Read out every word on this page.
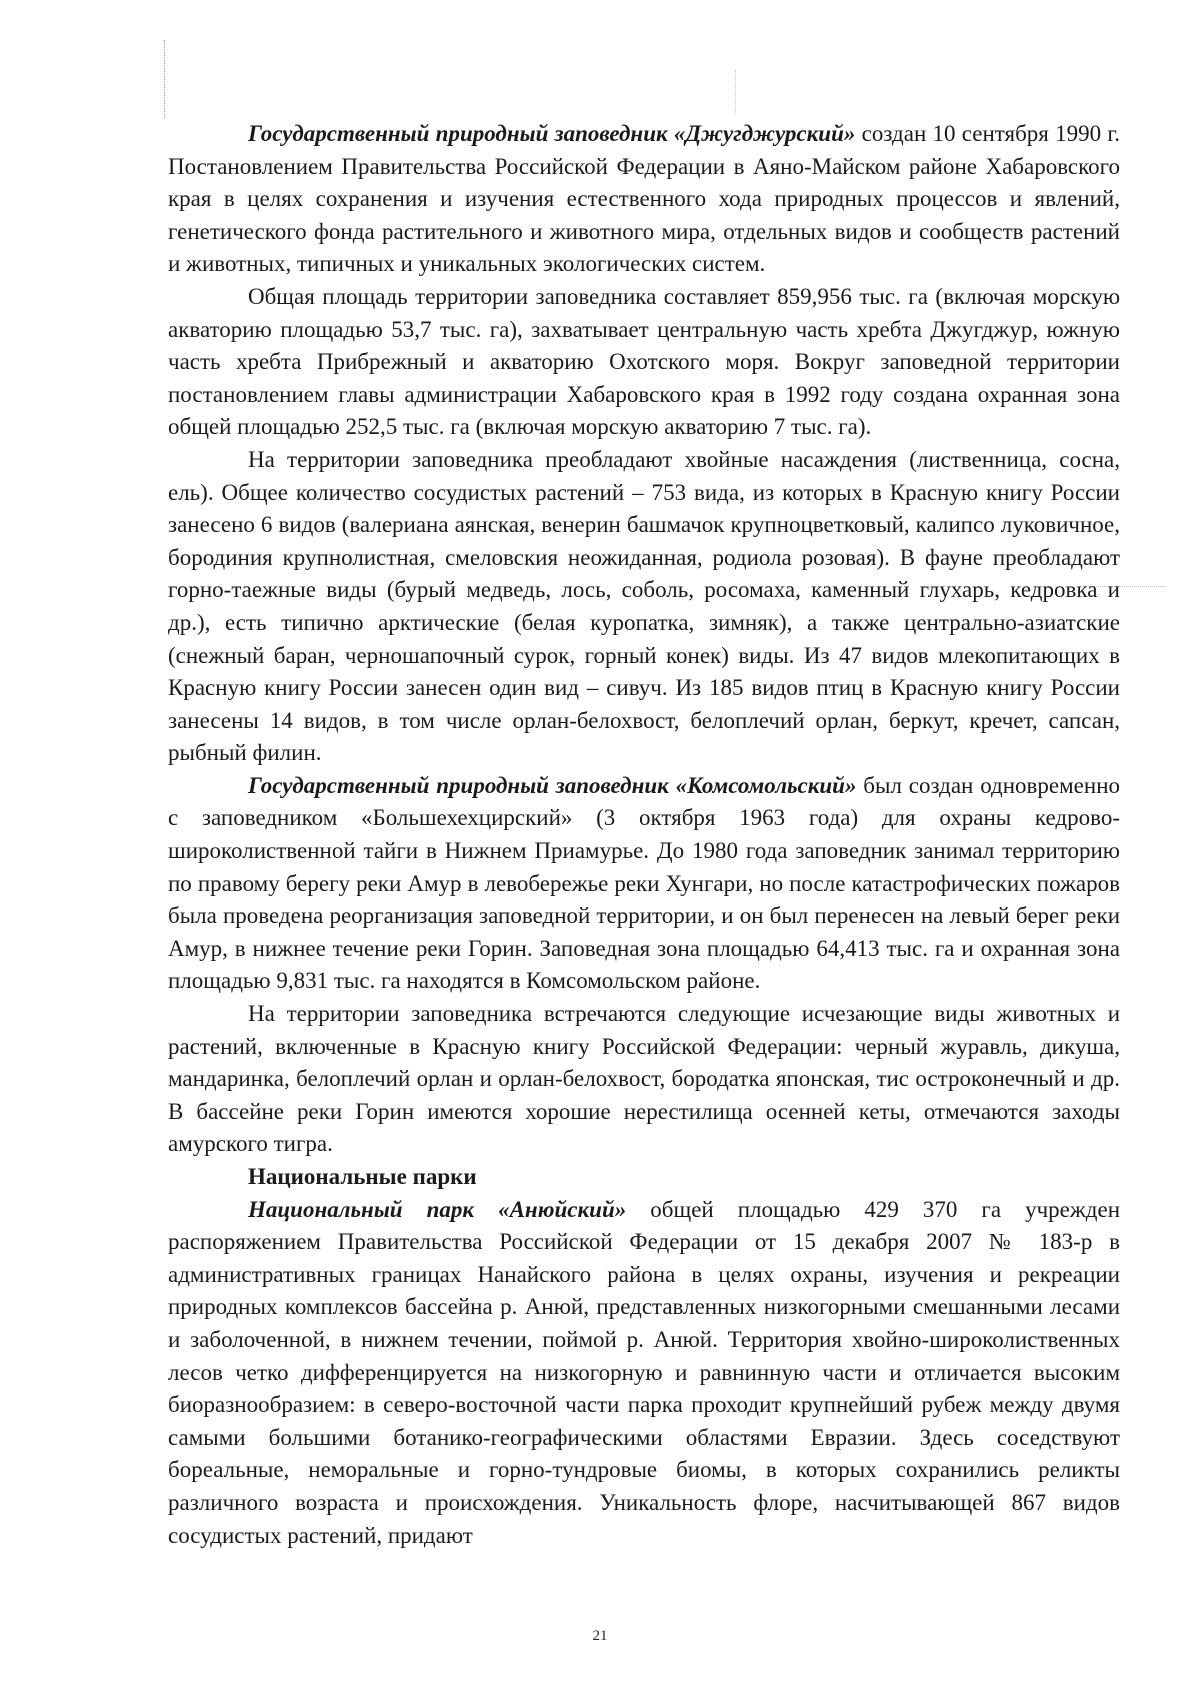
Государственный природный заповедник «Джугджурский» создан 10 сентября 1990 г. Постановлением Правительства Российской Федерации в Аяно-Майском районе Хабаровского края в целях сохранения и изучения естественного хода природных процессов и явлений, генетического фонда растительного и животного мира, отдельных видов и сообществ растений и животных, типичных и уникальных экологических систем.

Общая площадь территории заповедника составляет 859,956 тыс. га (включая морскую акваторию площадью 53,7 тыс. га), захватывает центральную часть хребта Джугджур, южную часть хребта Прибрежный и акваторию Охотского моря. Вокруг заповедной территории постановлением главы администрации Хабаровского края в 1992 году создана охранная зона общей площадью 252,5 тыс. га (включая морскую акваторию 7 тыс. га).

На территории заповедника преобладают хвойные насаждения (лиственница, сосна, ель). Общее количество сосудистых растений – 753 вида, из которых в Красную книгу России занесено 6 видов (валериана аянская, венерин башмачок крупноцветковый, калипсо луковичное, бородиния крупнолистная, смеловския неожиданная, родиола розовая). В фауне преобладают горно-таежные виды (бурый медведь, лось, соболь, росомаха, каменный глухарь, кедровка и др.), есть типично арктические (белая куропатка, зимняк), а также центрально-азиатские (снежный баран, черношапочный сурок, горный конек) виды. Из 47 видов млекопитающих в Красную книгу России занесен один вид – сивуч. Из 185 видов птиц в Красную книгу России занесены 14 видов, в том числе орлан-белохвост, белоплечий орлан, беркут, кречет, сапсан, рыбный филин.

Государственный природный заповедник «Комсомольский» был создан одновременно с заповедником «Большехехцирский» (3 октября 1963 года) для охраны кедрово-широколиственной тайги в Нижнем Приамурье. До 1980 года заповедник занимал территорию по правому берегу реки Амур в левобережье реки Хунгари, но после катастрофических пожаров была проведена реорганизация заповедной территории, и он был перенесен на левый берег реки Амур, в нижнее течение реки Горин. Заповедная зона площадью 64,413 тыс. га и охранная зона площадью 9,831 тыс. га находятся в Комсомольском районе.

На территории заповедника встречаются следующие исчезающие виды животных и растений, включенные в Красную книгу Российской Федерации: черный журавль, дикуша, мандаринка, белоплечий орлан и орлан-белохвост, бородатка японская, тис остроконечный и др. В бассейне реки Горин имеются хорошие нерестилища осенней кеты, отмечаются заходы амурского тигра.

Национальные парки

Национальный парк «Анюйский» общей площадью 429 370 га учрежден распоряжением Правительства Российской Федерации от 15 декабря 2007 № 183-р в административных границах Нанайского района в целях охраны, изучения и рекреации природных комплексов бассейна р. Анюй, представленных низкогорными смешанными лесами и заболоченной, в нижнем течении, поймой р. Анюй. Территория хвойно-широколиственных лесов четко дифференцируется на низкогорную и равнинную части и отличается высоким биоразнообразием: в северо-восточной части парка проходит крупнейший рубеж между двумя самыми большими ботанико-географическими областями Евразии. Здесь соседствуют бореальные, неморальные и горно-тундровые биомы, в которых сохранились реликты различного возраста и происхождения. Уникальность флоре, насчитывающей 867 видов сосудистых растений, придают

21
